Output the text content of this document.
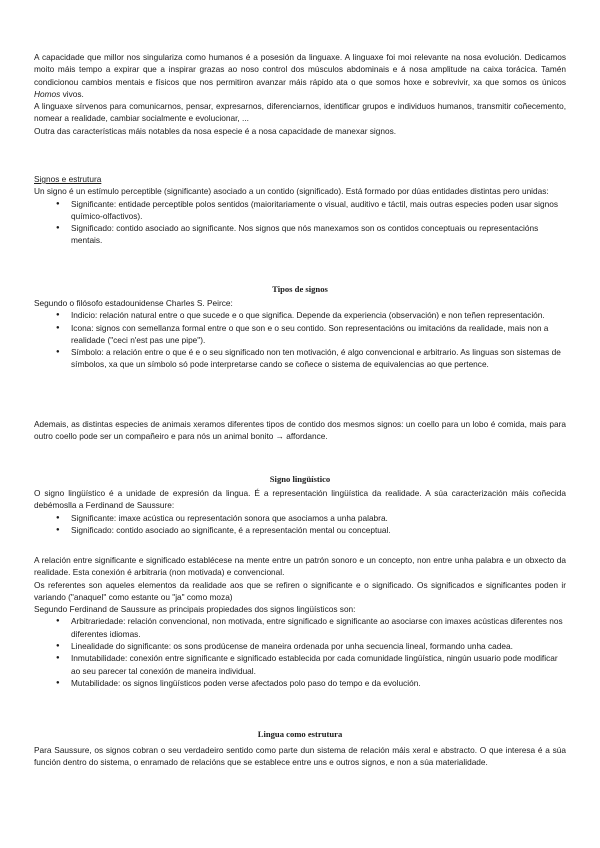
A capacidade que millor nos singulariza como humanos é a posesión da linguaxe. A linguaxe foi moi relevante na nosa evolución. Dedicamos moito máis tempo a expirar que a inspirar grazas ao noso control dos músculos abdominais e á nosa amplitude na caixa torácica. Tamén condicionou cambios mentais e físicos que nos permitiron avanzar máis rápido ata o que somos hoxe e sobrevivir, xa que somos os únicos Homos vivos.

A linguaxe sírvenos para comunicarnos, pensar, expresarnos, diferenciarnos, identificar grupos e individuos humanos, transmitir coñecemento, nomear a realidade, cambiar socialmente e evolucionar, ...

Outra das características máis notables da nosa especie é a nosa capacidade de manexar signos.

Signos e estrutura

Un signo é un estímulo perceptible (significante) asociado a un contido (significado). Está formado por dúas entidades distintas pero unidas:

● Significante: entidade perceptible polos sentidos (maioritariamente o visual, auditivo e táctil, mais outras especies poden usar signos químico-olfactivos).
● Significado: contido asociado ao significante. Nos signos que nós manexamos son os contidos conceptuais ou representacións mentais.

Tipos de signos

Segundo o filósofo estadounidense Charles S. Peirce:

● Indicio: relación natural entre o que sucede e o que significa. Depende da experiencia (observación) e non teñen representación.
● Icona: signos con semellanza formal entre o que son e o seu contido. Son representacións ou imitacións da realidade, mais non a realidade ("ceci n'est pas une pipe").
● Símbolo: a relación entre o que é e o seu significado non ten motivación, é algo convencional e arbitrario. As linguas son sistemas de símbolos, xa que un símbolo só pode interpretarse cando se coñece o sistema de equivalencias ao que pertence.

Ademais, as distintas especies de animais xeramos diferentes tipos de contido dos mesmos signos: un coello para un lobo é comida, mais para outro coello pode ser un compañeiro e para nós un animal bonito → affordance.

Signo lingüístico

O signo lingüístico é a unidade de expresión da lingua. É a representación lingüística da realidade. A súa caracterización máis coñecida debémoslla a Ferdinand de Saussure:

● Significante: imaxe acústica ou representación sonora que asociamos a unha palabra.
● Significado: contido asociado ao significante, é a representación mental ou conceptual.

A relación entre significante e significado establécese na mente entre un patrón sonoro e un concepto, non entre unha palabra e un obxecto da realidade. Esta conexión é arbitraria (non motivada) e convencional.

Os referentes son aqueles elementos da realidade aos que se refiren o significante e o significado. Os significados e significantes poden ir variando ("anaquel" como estante ou "ja" como moza)

Segundo Ferdinand de Saussure as principais propiedades dos signos lingüísticos son:

● Arbitrariedade: relación convencional, non motivada, entre significado e significante ao asociarse con imaxes acústicas diferentes nos diferentes idiomas.
● Linealidade do significante: os sons prodúcense de maneira ordenada por unha secuencia lineal, formando unha cadea.
● Inmutabilidade: conexión entre significante e significado establecida por cada comunidade lingüística, ningún usuario pode modificar ao seu parecer tal conexión de maneira individual.
● Mutabilidade: os signos lingüísticos poden verse afectados polo paso do tempo e da evolución.

Lingua como estrutura

Para Saussure, os signos cobran o seu verdadeiro sentido como parte dun sistema de relación máis xeral e abstracto. O que interesa é a súa función dentro do sistema, o enramado de relacións que se establece entre uns e outros signos, e non a súa materialidade.
